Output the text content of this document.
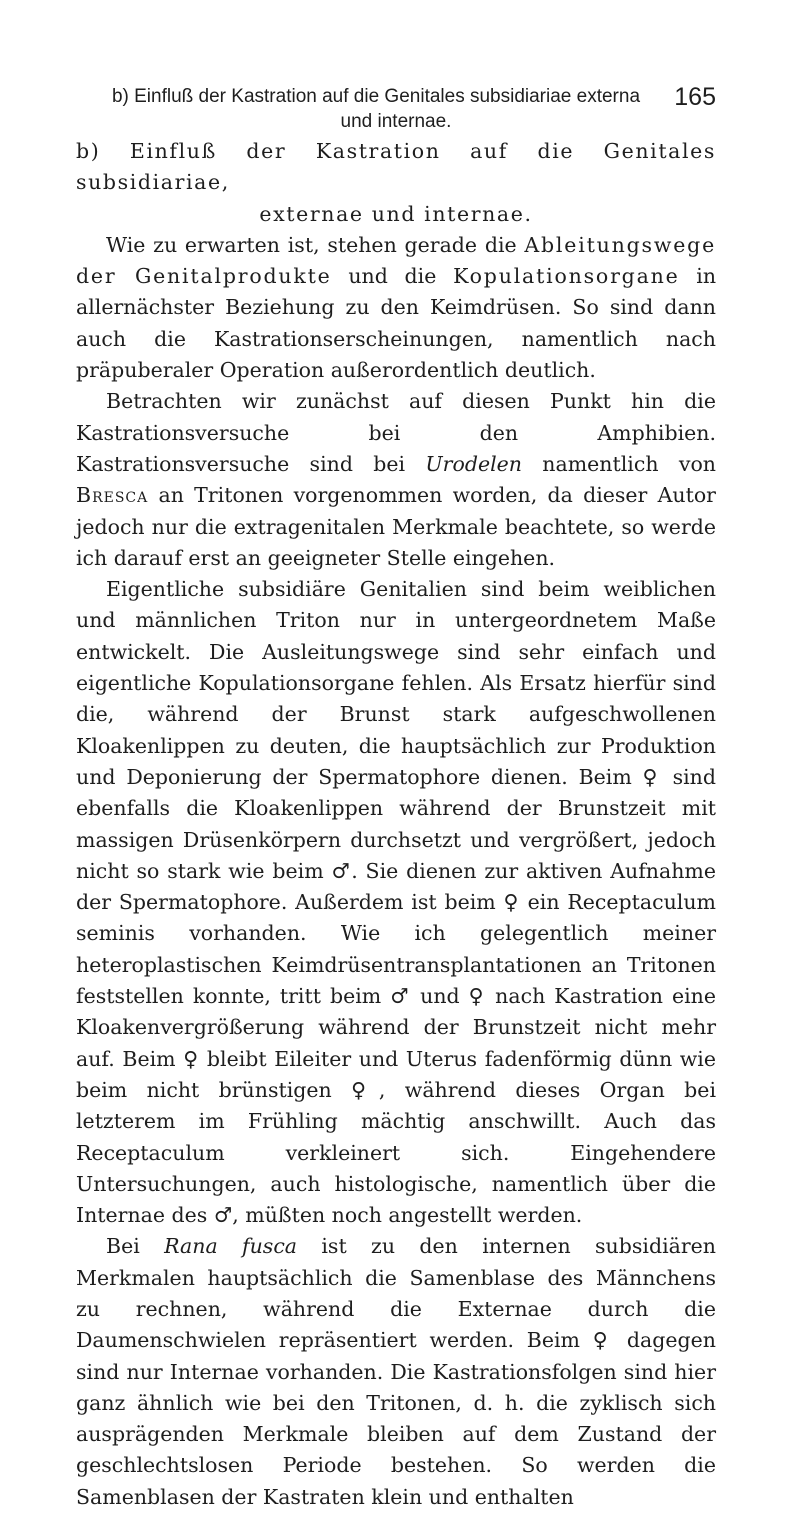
b) Einfluß der Kastration auf die Genitales subsidiariae externa 165
und internae.

b) Einfluß der Kastration auf die Genitales subsidiariae,

externae und internae.

Wie zu erwarten ist, stehen gerade die Ableitungswege der Genitalprodukte und die Kopulationsorgane in allernächster Beziehung zu den Keimdrüsen. So sind dann auch die Kastrationserscheinungen, namentlich nach präpuberaler Operation außerordentlich deutlich.

Betrachten wir zunächst auf diesen Punkt hin die Kastrationsversuche bei den Amphibien. Kastrationsversuche sind bei Urodelen namentlich von Bresca an Tritonen vorgenommen worden, da dieser Autor jedoch nur die extragenitalen Merkmale beachtete, so werde ich darauf erst an geeigneter Stelle eingehen.

Eigentliche subsidiäre Genitalien sind beim weiblichen und männlichen Triton nur in untergeordnetem Maße entwickelt. Die Ausleitungswege sind sehr einfach und eigentliche Kopulationsorgane fehlen. Als Ersatz hierfür sind die, während der Brunst stark aufgeschwollenen Kloakenlippen zu deuten, die hauptsächlich zur Produktion und Deponierung der Spermatophore dienen. Beim ♀ sind ebenfalls die Kloakenlippen während der Brunstzeit mit massigen Drüsenkörpern durchsetzt und vergrößert, jedoch nicht so stark wie beim ♂. Sie dienen zur aktiven Aufnahme der Spermatophore. Außerdem ist beim ♀ ein Receptaculum seminis vorhanden. Wie ich gelegentlich meiner heteroplastischen Keimdrüsentransplantationen an Tritonen feststellen konnte, tritt beim ♂ und ♀ nach Kastration eine Kloakenvergrößerung während der Brunstzeit nicht mehr auf. Beim ♀ bleibt Eileiter und Uterus fadenförmig dünn wie beim nicht brünstigen ♀, während dieses Organ bei letzterem im Frühling mächtig anschwillt. Auch das Receptaculum verkleinert sich. Eingehendere Untersuchungen, auch histologische, namentlich über die Internae des ♂, müßten noch angestellt werden.

Bei Rana fusca ist zu den internen subsidiären Merkmalen hauptsächlich die Samenblase des Männchens zu rechnen, während die Externae durch die Daumenschwielen repräsentiert werden. Beim ♀ dagegen sind nur Internae vorhanden. Die Kastrationsfolgen sind hier ganz ähnlich wie bei den Tritonen, d. h. die zyklisch sich ausprägenden Merkmale bleiben auf dem Zustand der geschlechtslosen Periode bestehen. So werden die Samenblasen der Kastraten klein und enthalten
